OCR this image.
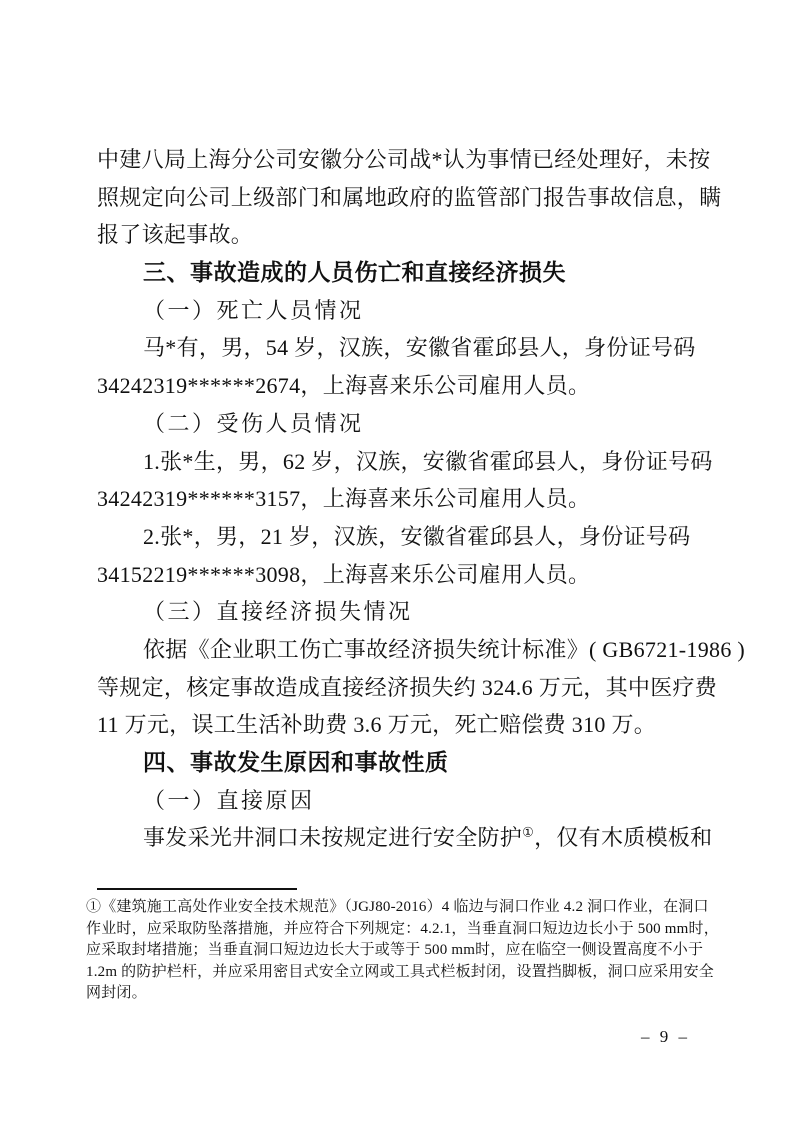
中建八局上海分公司安徽分公司战*认为事情已经处理好，未按
照规定向公司上级部门和属地政府的监管部门报告事故信息，瞒
报了该起事故。
三、事故造成的人员伤亡和直接经济损失
（一）死亡人员情况
马*有，男，54 岁，汉族，安徽省霍邱县人，身份证号码
34242319******2674，上海喜来乐公司雇用人员。
（二）受伤人员情况
1.张*生，男，62 岁，汉族，安徽省霍邱县人，身份证号码
34242319******3157，上海喜来乐公司雇用人员。
2.张*，男，21 岁，汉族，安徽省霍邱县人，身份证号码
34152219******3098，上海喜来乐公司雇用人员。
（三）直接经济损失情况
依据《企业职工伤亡事故经济损失统计标准》( GB6721-1986 )
等规定，核定事故造成直接经济损失约 324.6 万元，其中医疗费
11 万元，误工生活补助费 3.6 万元，死亡赔偿费 310 万。
四、事故发生原因和事故性质
（一）直接原因
事发采光井洞口未按规定进行安全防护①，仅有木质模板和
①《建筑施工高处作业安全技术规范》（JGJ80-2016）4 临边与洞口作业 4.2 洞口作业，在洞口
作业时，应采取防坠落措施，并应符合下列规定：4.2.1，当垂直洞口短边边长小于 500 mm时，
应采取封堵措施；当垂直洞口短边边长大于或等于 500 mm时，应在临空一侧设置高度不小于
1.2m 的防护栏杆，并应采用密目式安全立网或工具式栏板封闭，设置挡脚板，洞口应采用安全
网封闭。
– 9 –
